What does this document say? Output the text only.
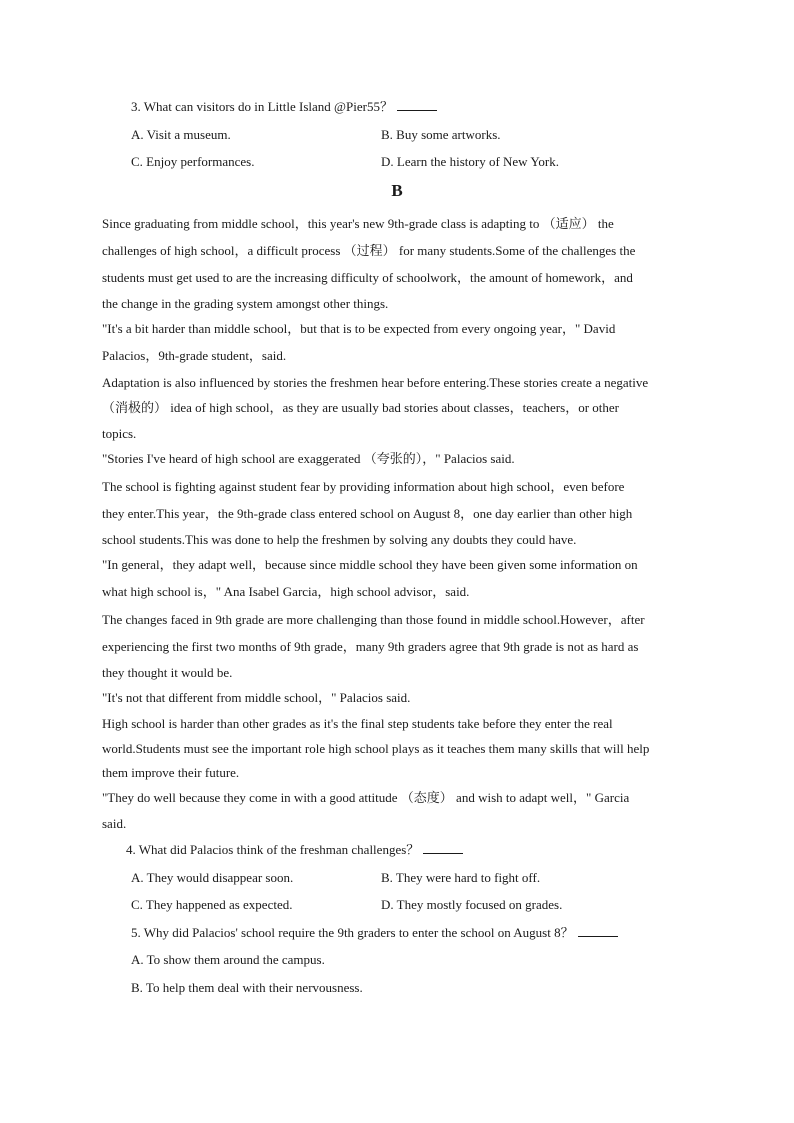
3. What can visitors do in Little Island @Pier55？
A. Visit a museum.	B. Buy some artworks.
C. Enjoy performances.	D. Learn the history of New York.
B
Since graduating from middle school，this year's new 9th-grade class is adapting to （适应） the
challenges of high school，a difficult process （过程） for many students.Some of the challenges the
students must get used to are the increasing difficulty of schoolwork，the amount of homework，and
the change in the grading system amongst other things.
"It's a bit harder than middle school，but that is to be expected from every ongoing year，" David
Palacios，9th-grade student，said.
Adaptation is also influenced by stories the freshmen hear before entering.These stories create a negative
（消极的） idea of high school，as they are usually bad stories about classes，teachers，or other
topics.
"Stories I've heard of high school are exaggerated （夸张的），" Palacios said.
The school is fighting against student fear by providing information about high school，even before
they enter.This year，the 9th-grade class entered school on August 8，one day earlier than other high
school students.This was done to help the freshmen by solving any doubts they could have.
"In general，they adapt well，because since middle school they have been given some information on
what high school is，" Ana Isabel Garcia，high school advisor，said.
The changes faced in 9th grade are more challenging than those found in middle school.However，after
experiencing the first two months of 9th grade，many 9th graders agree that 9th grade is not as hard as
they thought it would be.
"It's not that different from middle school，" Palacios said.
High school is harder than other grades as it's the final step students take before they enter the real
world.Students must see the important role high school plays as it teaches them many skills that will help
them improve their future.
"They do well because they come in with a good attitude （态度） and wish to adapt well，" Garcia
said.
4. What did Palacios think of the freshman challenges？
A. They would disappear soon.	B. They were hard to fight off.
C. They happened as expected.	D. They mostly focused on grades.
5. Why did Palacios' school require the 9th graders to enter the school on August 8？
A. To show them around the campus.
B. To help them deal with their nervousness.
